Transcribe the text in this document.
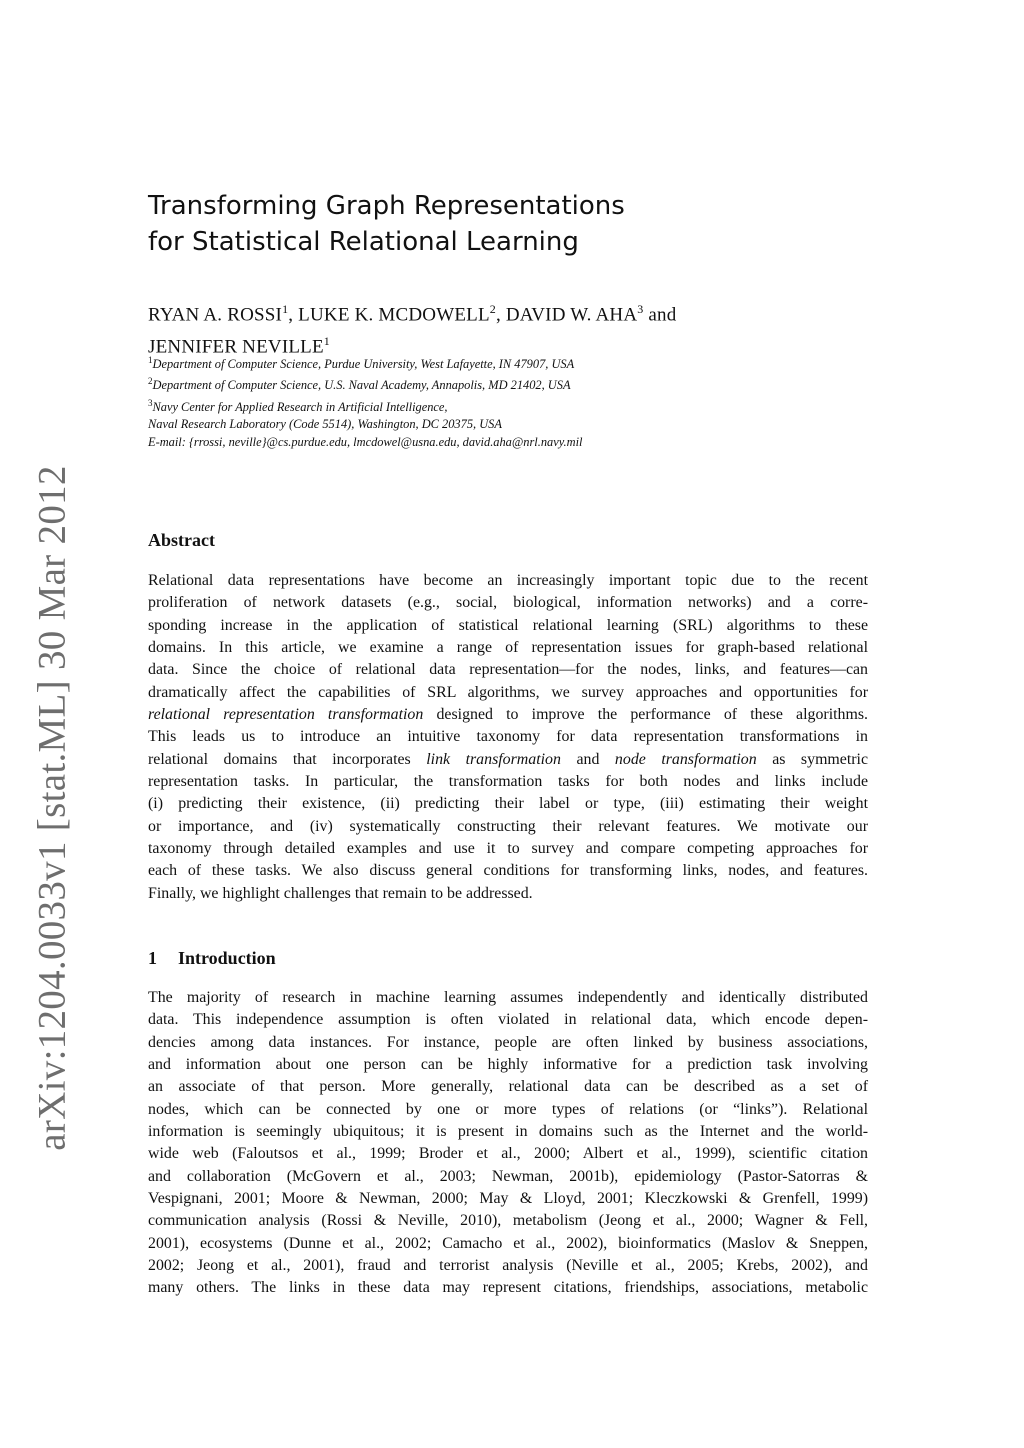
arXiv:1204.0033v1 [stat.ML] 30 Mar 2012
Transforming Graph Representations
for Statistical Relational Learning
RYAN A. ROSSI$^1$, LUKE K. MCDOWELL$^2$, DAVID W. AHA$^3$ and
JENNIFER NEVILLE$^1$
$^1$Department of Computer Science, Purdue University, West Lafayette, IN 47907, USA
$^2$Department of Computer Science, U.S. Naval Academy, Annapolis, MD 21402, USA
$^3$Navy Center for Applied Research in Artificial Intelligence,
Naval Research Laboratory (Code 5514), Washington, DC 20375, USA
E-mail: {rrossi, neville}@cs.purdue.edu, lmcdowel@usna.edu, david.aha@nrl.navy.mil
Abstract
Relational data representations have become an increasingly important topic due to the recent
proliferation of network datasets (e.g., social, biological, information networks) and a corre-
sponding increase in the application of statistical relational learning (SRL) algorithms to these
domains. In this article, we examine a range of representation issues for graph-based relational
data. Since the choice of relational data representation—for the nodes, links, and features—can
dramatically affect the capabilities of SRL algorithms, we survey approaches and opportunities for
relational representation transformation designed to improve the performance of these algorithms.
This leads us to introduce an intuitive taxonomy for data representation transformations in
relational domains that incorporates link transformation and node transformation as symmetric
representation tasks. In particular, the transformation tasks for both nodes and links include
(i) predicting their existence, (ii) predicting their label or type, (iii) estimating their weight
or importance, and (iv) systematically constructing their relevant features. We motivate our
taxonomy through detailed examples and use it to survey and compare competing approaches for
each of these tasks. We also discuss general conditions for transforming links, nodes, and features.
Finally, we highlight challenges that remain to be addressed.
1 Introduction
The majority of research in machine learning assumes independently and identically distributed
data. This independence assumption is often violated in relational data, which encode depen-
dencies among data instances. For instance, people are often linked by business associations,
and information about one person can be highly informative for a prediction task involving
an associate of that person. More generally, relational data can be described as a set of
nodes, which can be connected by one or more types of relations (or “links”). Relational
information is seemingly ubiquitous; it is present in domains such as the Internet and the world-
wide web (Faloutsos et al., 1999; Broder et al., 2000; Albert et al., 1999), scientific citation
and collaboration (McGovern et al., 2003; Newman, 2001b), epidemiology (Pastor-Satorras &
Vespignani, 2001; Moore & Newman, 2000; May & Lloyd, 2001; Kleczkowski & Grenfell, 1999)
communication analysis (Rossi & Neville, 2010), metabolism (Jeong et al., 2000; Wagner & Fell,
2001), ecosystems (Dunne et al., 2002; Camacho et al., 2002), bioinformatics (Maslov & Sneppen,
2002; Jeong et al., 2001), fraud and terrorist analysis (Neville et al., 2005; Krebs, 2002), and
many others. The links in these data may represent citations, friendships, associations, metabolic
